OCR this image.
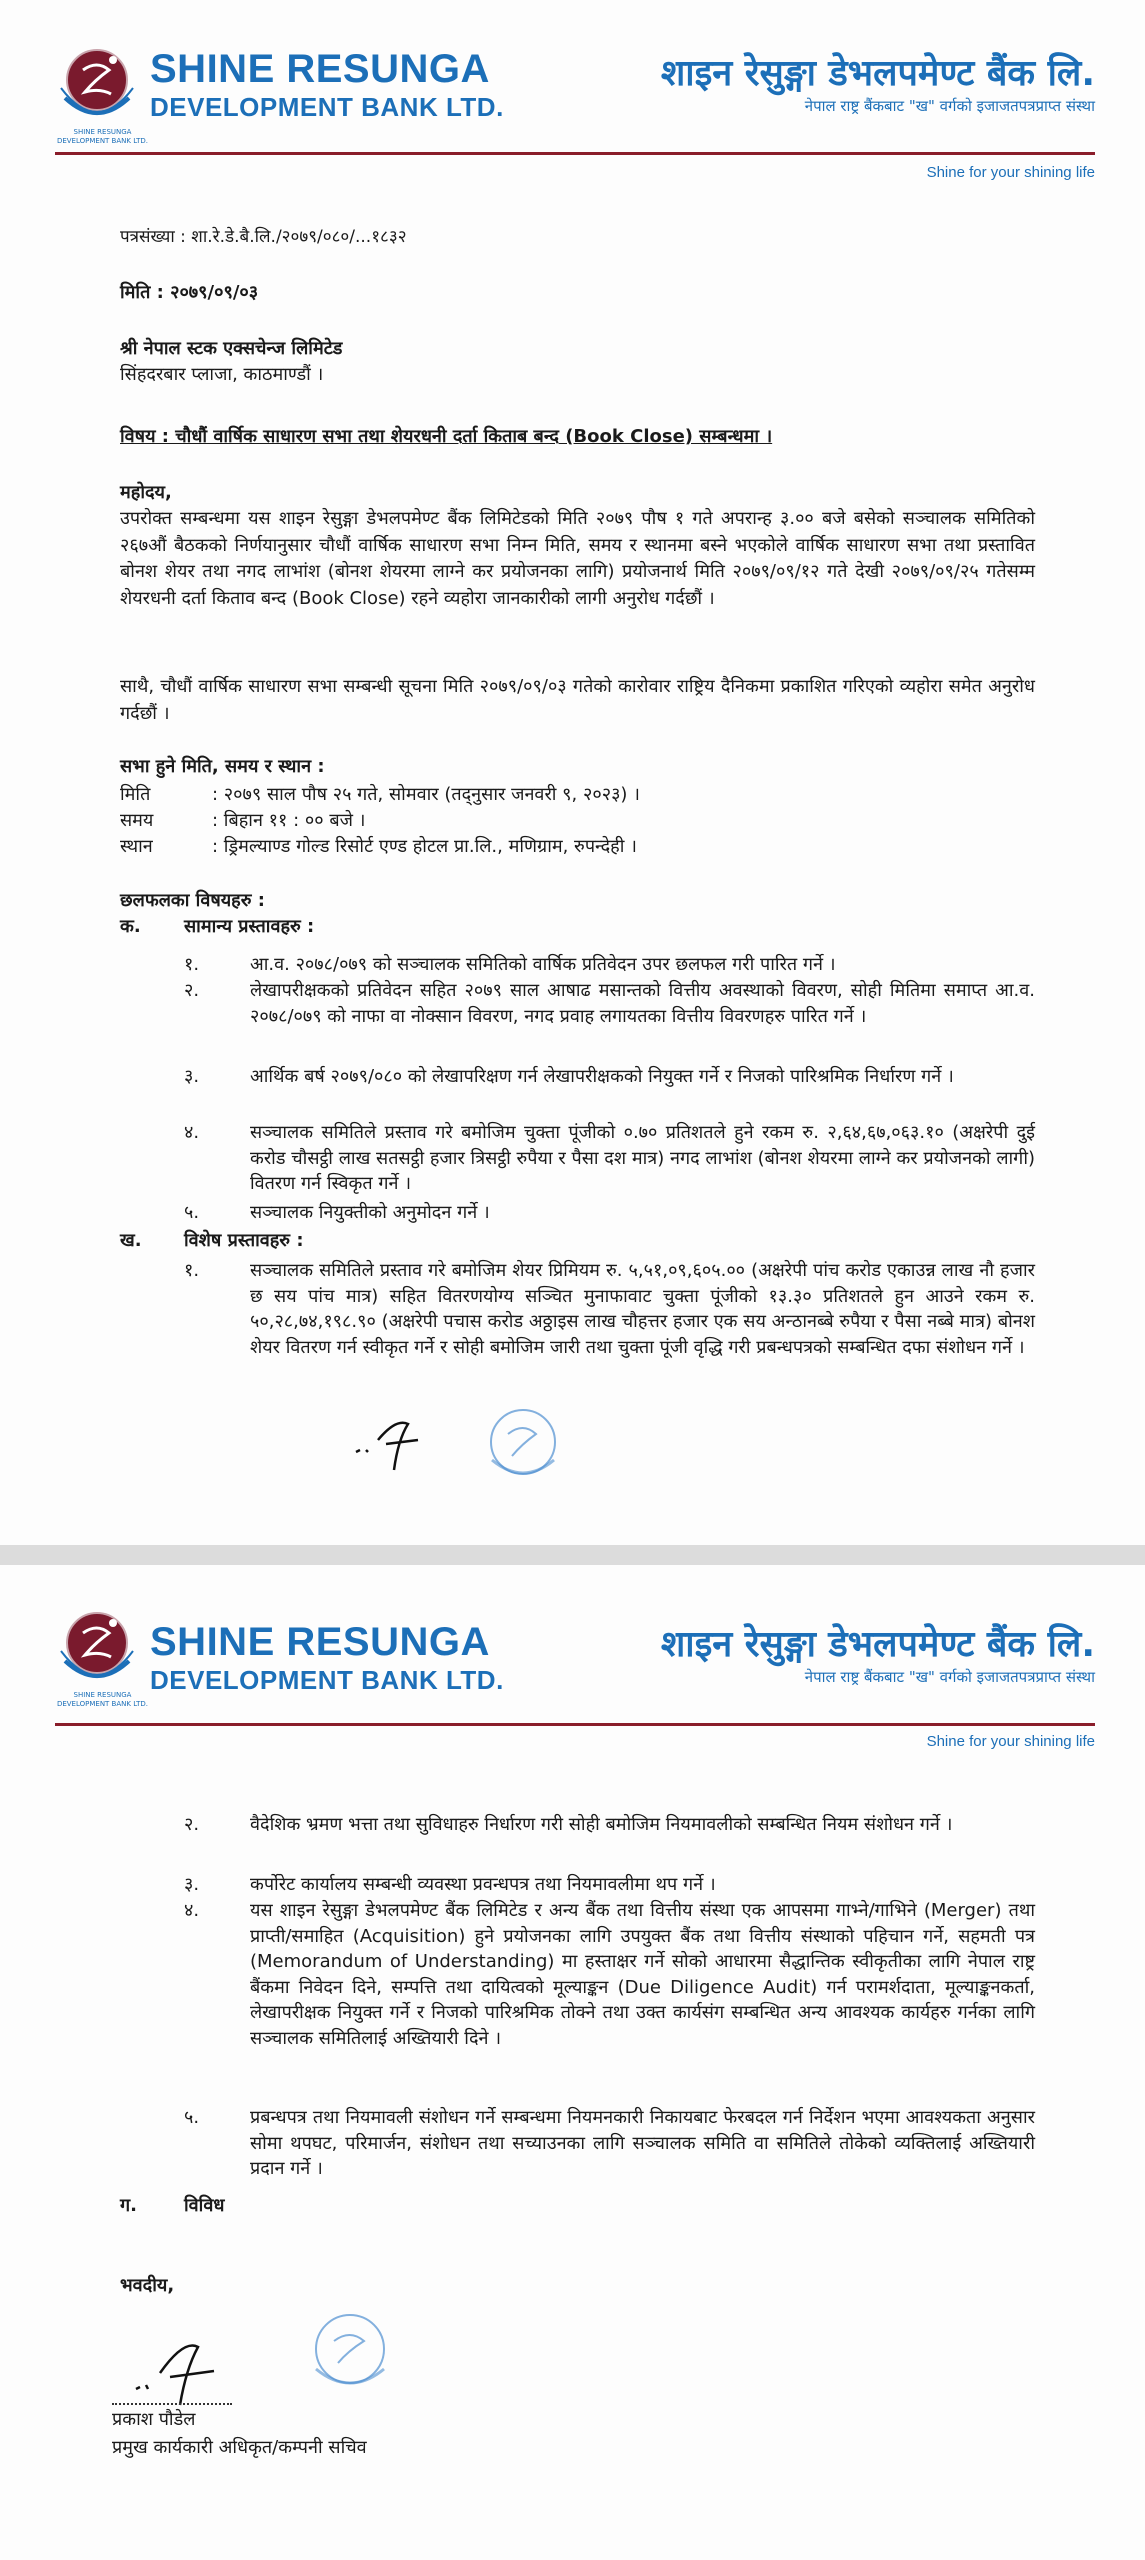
SHINE RESUNGA DEVELOPMENT BANK LTD.
SHINE RESUNGA
DEVELOPMENT BANK LTD.
शाइन रेसुङ्गा डेभलपमेण्ट बैंक लि.
नेपाल राष्ट्र बैंकबाट "ख" वर्गको इजाजतपत्रप्राप्त संस्था
Shine for your shining life
पत्रसंख्या : शा.रे.डे.बै.लि./२०७९/०८०/...१८३२
मिति : २०७९/०९/०३
श्री नेपाल स्टक एक्सचेन्ज लिमिटेड
सिंहदरबार प्लाजा, काठमाण्डौं ।
विषय : चौधौं वार्षिक साधारण सभा तथा शेयरधनी दर्ता किताब बन्द (Book Close) सम्बन्धमा ।
महोदय,
उपरोक्त सम्बन्धमा यस शाइन रेसुङ्गा डेभलपमेण्ट बैंक लिमिटेडको मिति २०७९ पौष १ गते अपरान्ह ३.०० बजे बसेको सञ्चालक समितिको २६७औं बैठकको निर्णयानुसार चौधौं वार्षिक साधारण सभा निम्न मिति, समय र स्थानमा बस्ने भएकोले वार्षिक साधारण सभा तथा प्रस्तावित बोनश शेयर तथा नगद लाभांश (बोनश शेयरमा लाग्ने कर प्रयोजनका लागि) प्रयोजनार्थ मिति २०७९/०९/१२ गते देखी २०७९/०९/२५ गतेसम्म शेयरधनी दर्ता किताव बन्द (Book Close) रहने व्यहोरा जानकारीको लागी अनुरोध गर्दछौं ।
साथै, चौधौं वार्षिक साधारण सभा सम्बन्धी सूचना मिति २०७९/०९/०३ गतेको कारोवार राष्ट्रिय दैनिकमा प्रकाशित गरिएको व्यहोरा समेत अनुरोध गर्दछौं ।
सभा हुने मिति, समय र स्थान :
मिति	: २०७९ साल पौष २५ गते, सोमवार (तद्नुसार जनवरी ९, २०२३) ।
समय	: बिहान ११ : ०० बजे ।
स्थान	: ड्रिमल्याण्ड गोल्ड रिसोर्ट एण्ड होटल प्रा.लि., मणिग्राम, रुपन्देही ।
छलफलका विषयहरु :
क. सामान्य प्रस्तावहरु :
१.	आ.व. २०७८/०७९ को सञ्चालक समितिको वार्षिक प्रतिवेदन उपर छलफल गरी पारित गर्ने ।
२.	लेखापरीक्षकको प्रतिवेदन सहित २०७९ साल आषाढ मसान्तको वित्तीय अवस्थाको विवरण, सोही मितिमा समाप्त आ.व. २०७८/०७९ को नाफा वा नोक्सान विवरण, नगद प्रवाह लगायतका वित्तीय विवरणहरु पारित गर्ने ।
३.	आर्थिक बर्ष २०७९/०८० को लेखापरिक्षण गर्न लेखापरीक्षकको नियुक्त गर्ने र निजको पारिश्रमिक निर्धारण गर्ने ।
४.	सञ्चालक समितिले प्रस्ताव गरे बमोजिम चुक्ता पूंजीको ०.७० प्रतिशतले हुने रकम रु. २,६४,६७,०६३.१० (अक्षरेपी दुई करोड चौसट्ठी लाख सतसट्ठी हजार त्रिसट्ठी रुपैया र पैसा दश मात्र) नगद लाभांश (बोनश शेयरमा लाग्ने कर प्रयोजनको लागी) वितरण गर्न स्विकृत गर्ने ।
५.	सञ्चालक नियुक्तीको अनुमोदन गर्ने ।
ख. विशेष प्रस्तावहरु :
१.	सञ्चालक समितिले प्रस्ताव गरे बमोजिम शेयर प्रिमियम रु. ५,५१,०९,६०५.०० (अक्षरेपी पांच करोड एकाउन्न लाख नौ हजार छ सय पांच मात्र) सहित वितरणयोग्य सञ्चित मुनाफावाट चुक्ता पूंजीको १३.३० प्रतिशतले हुन आउने रकम रु. ५०,२८,७४,१९८.९० (अक्षरेपी पचास करोड अठ्ठाइस लाख चौहत्तर हजार एक सय अन्ठानब्बे रुपैया र पैसा नब्बे मात्र) बोनश शेयर वितरण गर्न स्वीकृत गर्ने र सोही बमोजिम जारी तथा चुक्ता पूंजी वृद्धि गरी प्रबन्धपत्रको सम्बन्धित दफा संशोधन गर्ने ।
SHINE RESUNGA DEVELOPMENT BANK LTD.
SHINE RESUNGA
DEVELOPMENT BANK LTD.
शाइन रेसुङ्गा डेभलपमेण्ट बैंक लि.
नेपाल राष्ट्र बैंकबाट "ख" वर्गको इजाजतपत्रप्राप्त संस्था
Shine for your shining life
२.	वैदेशिक भ्रमण भत्ता तथा सुविधाहरु निर्धारण गरी सोही बमोजिम नियमावलीको सम्बन्धित नियम संशोधन गर्ने ।
३.	कर्पोरेट कार्यालय सम्बन्धी व्यवस्था प्रवन्धपत्र तथा नियमावलीमा थप गर्ने ।
४.	यस शाइन रेसुङ्गा डेभलपमेण्ट बैंक लिमिटेड र अन्य बैंक तथा वित्तीय संस्था एक आपसमा गाभ्ने/गाभिने (Merger) तथा प्राप्ती/समाहित (Acquisition) हुने प्रयोजनका लागि उपयुक्त बैंक तथा वित्तीय संस्थाको पहिचान गर्ने, सहमती पत्र (Memorandum of Understanding) मा हस्ताक्षर गर्ने सोको आधारमा सैद्धान्तिक स्वीकृतीका लागि नेपाल राष्ट्र बैंकमा निवेदन दिने, सम्पत्ति तथा दायित्वको मूल्याङ्कन (Due Diligence Audit) गर्न परामर्शदाता, मूल्याङ्कनकर्ता, लेखापरीक्षक नियुक्त गर्ने र निजको पारिश्रमिक तोक्ने तथा उक्त कार्यसंग सम्बन्धित अन्य आवश्यक कार्यहरु गर्नका लागि सञ्चालक समितिलाई अख्तियारी दिने ।
५.	प्रबन्धपत्र तथा नियमावली संशोधन गर्ने सम्बन्धमा नियमनकारी निकायबाट फेरबदल गर्न निर्देशन भएमा आवश्यकता अनुसार सोमा थपघट, परिमार्जन, संशोधन तथा सच्याउनका लागि सञ्चालक समिति वा समितिले तोकेको व्यक्तिलाई अख्तियारी प्रदान गर्ने ।
ग.	विविध
भवदीय,
प्रकाश पौडेल
प्रमुख कार्यकारी अधिकृत/कम्पनी सचिव
